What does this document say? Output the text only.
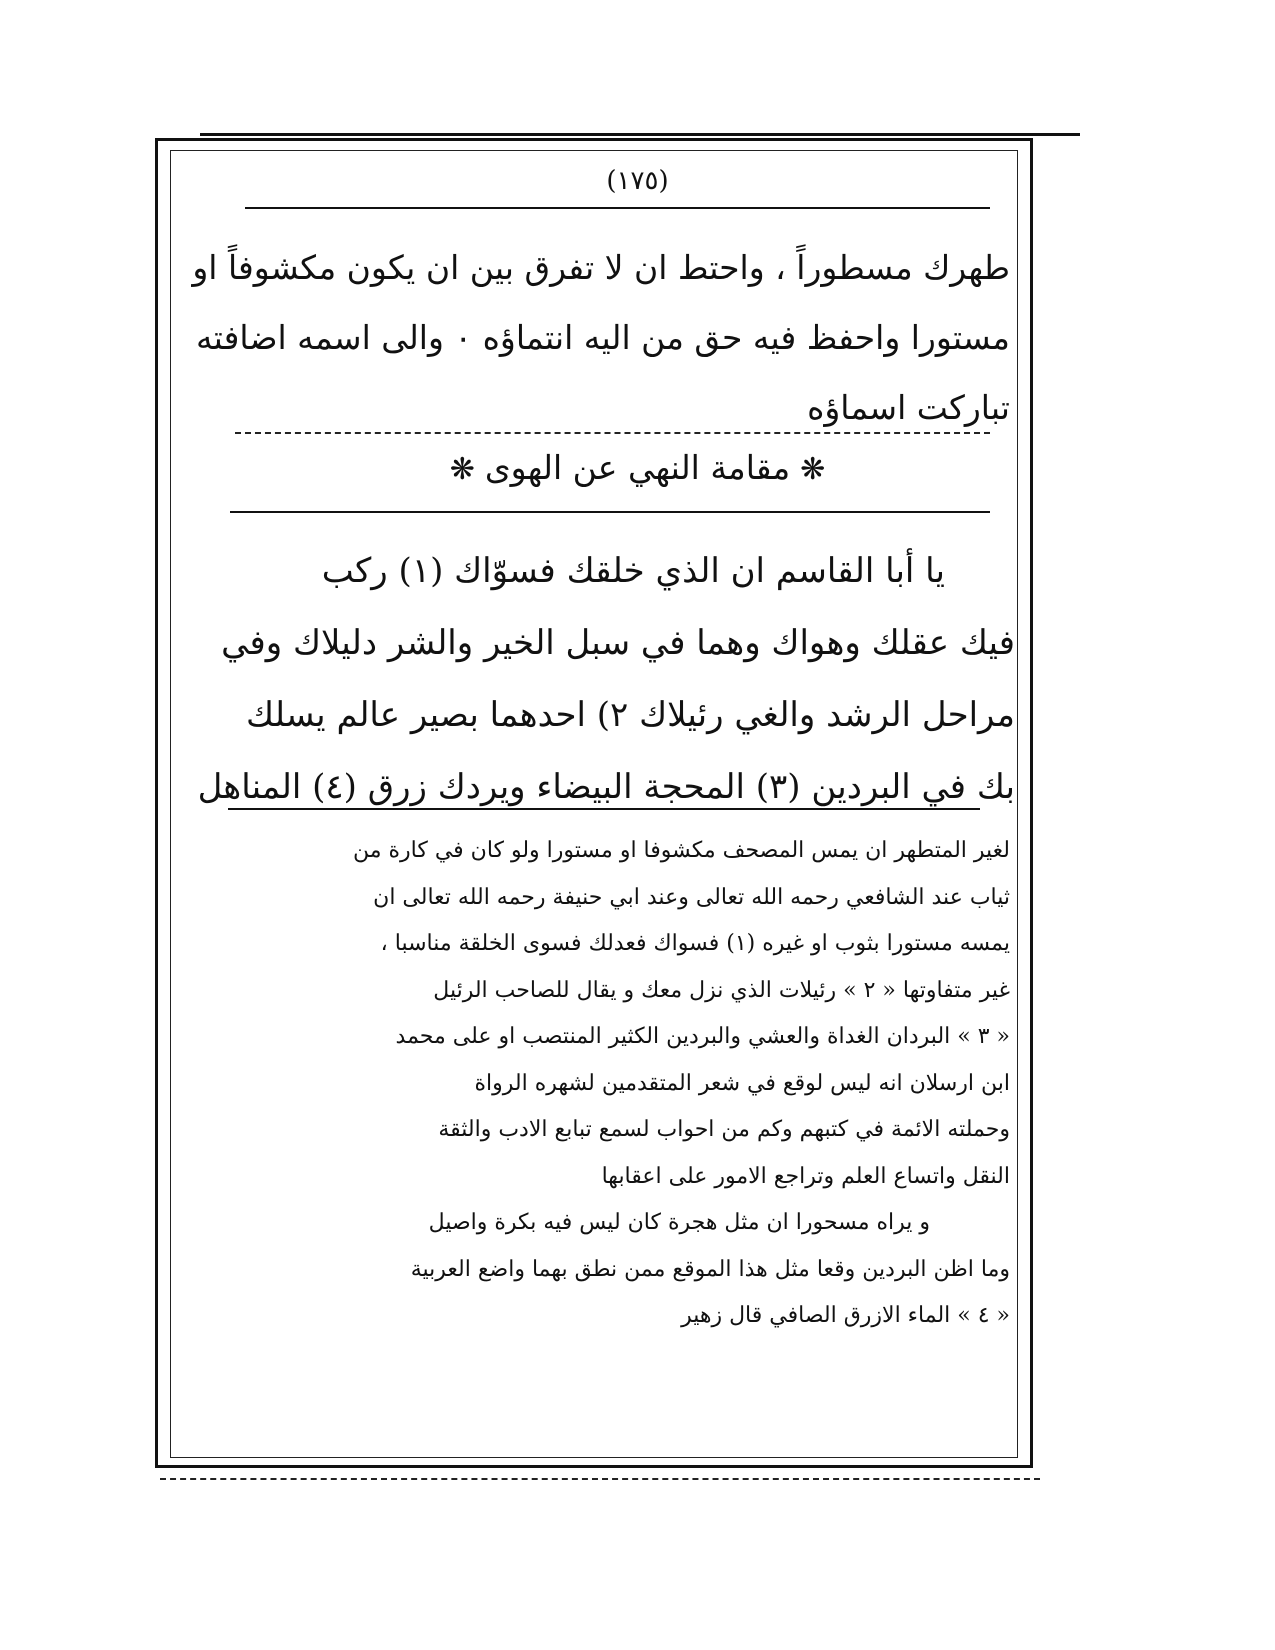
(١٧٥)
طهرك مسطوراً ، واحتط ان لا تفرق بين ان يكون مكشوفاً او
مستورا واحفظ فيه حق من اليه انتماؤه ٠ والى اسمه اضافته
تباركت اسماؤه
❋مقامة النهي عن الهوى❋
يا أبا القاسم ان الذي خلقك فسوّاك (١) ركب
فيك عقلك وهواك وهما في سبل الخير والشر دليلاك وفي
مراحل الرشد والغي رئيلاك ٢) احدهما بصير عالم يسلك
بك في البردين (٣) المحجة البيضاء ويردك زرق (٤) المناهل
لغير المتطهر ان يمس المصحف مكشوفا او مستورا ولو كان في كارة من
ثياب عند الشافعي رحمه الله تعالى وعند ابي حنيفة رحمه الله تعالى ان
يمسه مستورا بثوب او غيره (١) فسواك فعدلك فسوى الخلقة مناسبا ،
غير متفاوتها « ٢ » رئيلات الذي نزل معك و يقال للصاحب الرئيل
« ٣ » البردان الغداة والعشي والبردين الكثير المنتصب او على محمد
ابن ارسلان انه ليس لوقع في شعر المتقدمين لشهره الرواة
وحملته الائمة في كتبهم وكم من احواب لسمع تبابع الادب والثقة
النقل واتساع العلم وتراجع الامور على اعقابها
و يراه مسحورا ان مثل هجرة كان ليس فيه بكرة واصيل
وما اظن البردين وقعا مثل هذا الموقع ممن نطق بهما واضع العربية
« ٤ » الماء الازرق الصافي قال زهير
